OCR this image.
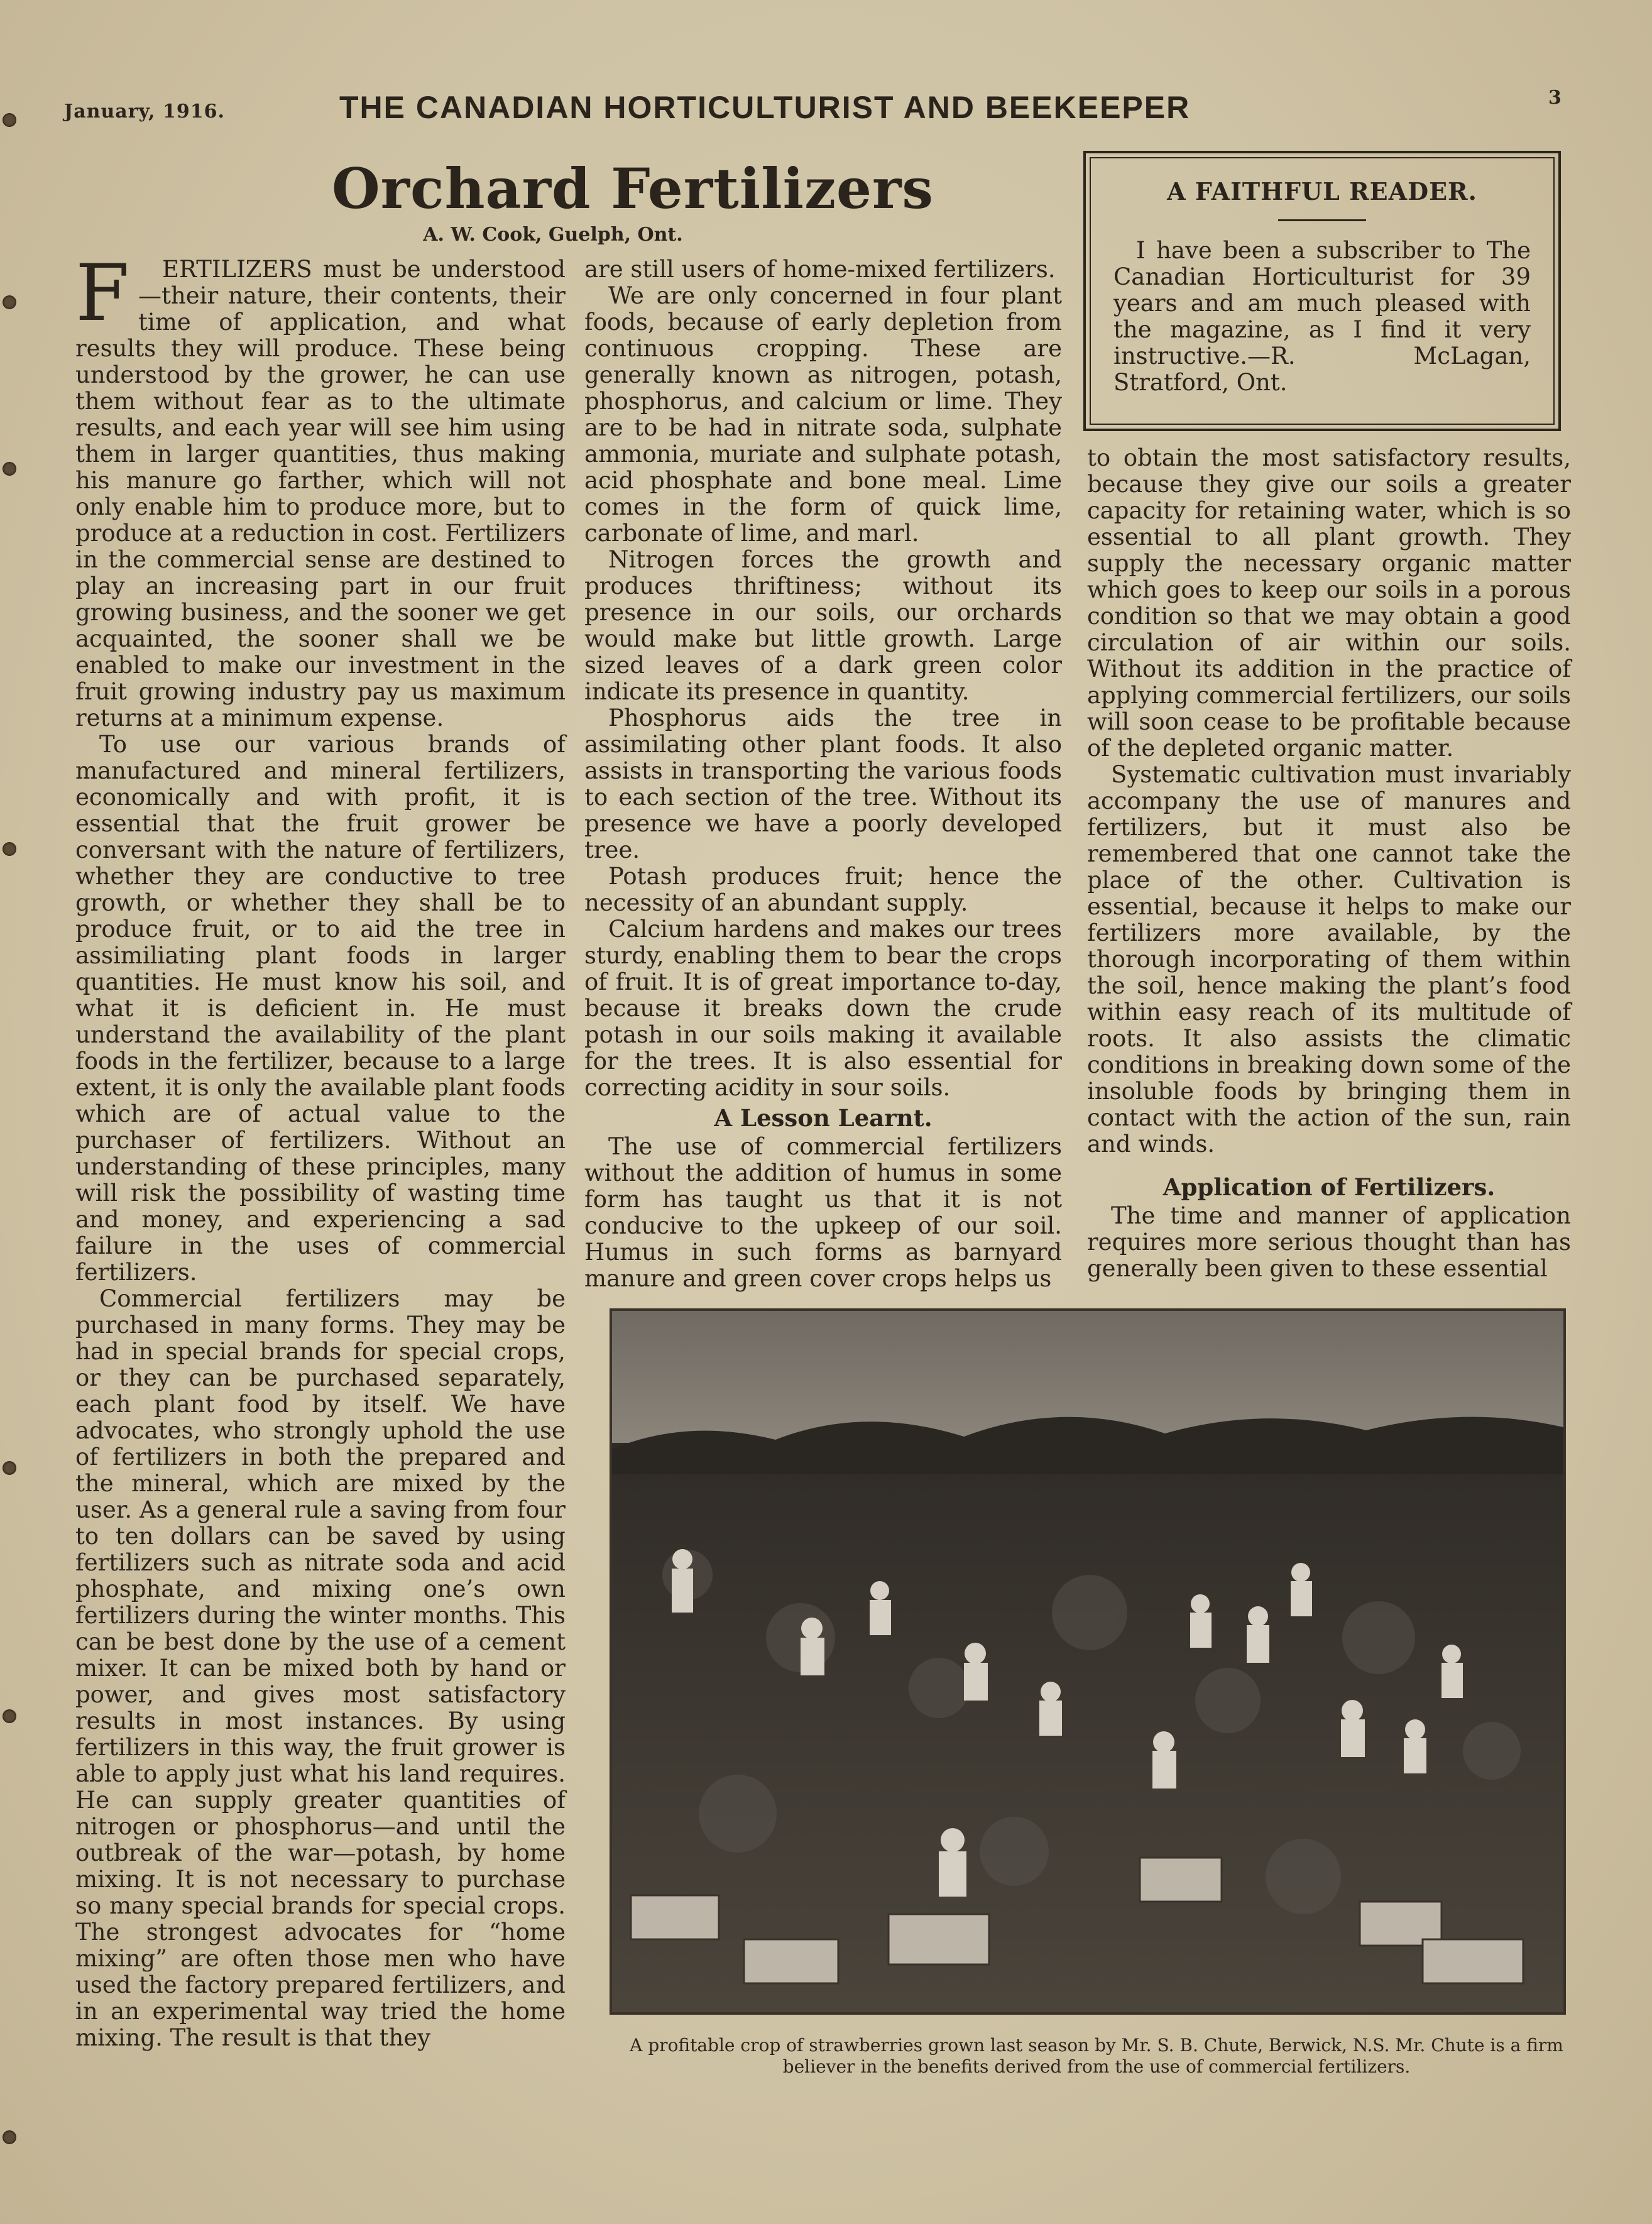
January, 1916.	THE CANADIAN HORTICULTURIST AND BEEKEEPER	3
Orchard Fertilizers
A. W. Cook, Guelph, Ont.

F ERTILIZERS must be understood —their nature, their contents, their time of application, and what results they will produce. These being understood by the grower, he can use them without fear as to the ultimate results, and each year will see him using them in larger quantities, thus making his manure go farther, which will not only enable him to produce more, but to produce at a reduction in cost. Fertilizers in the commercial sense are destined to play an increasing part in our fruit growing business, and the sooner we get acquainted, the sooner shall we be enabled to make our investment in the fruit growing industry pay us maximum returns at a minimum expense.

To use our various brands of manufactured and mineral fertilizers, economically and with profit, it is essential that the fruit grower be conversant with the nature of fertilizers, whether they are conductive to tree growth, or whether they shall be to produce fruit, or to aid the tree in assimiliating plant foods in larger quantities. He must know his soil, and what it is deficient in. He must understand the availability of the plant foods in the fertilizer, because to a large extent, it is only the available plant foods which are of actual value to the purchaser of fertilizers. Without an understanding of these principles, many will risk the possibility of wasting time and money, and experiencing a sad failure in the uses of commercial fertilizers.

Commercial fertilizers may be purchased in many forms. They may be had in special brands for special crops, or they can be purchased separately, each plant food by itself. We have advocates, who strongly uphold the use of fertilizers in both the prepared and the mineral, which are mixed by the user. As a general rule a saving from four to ten dollars can be saved by using fertilizers such as nitrate soda and acid phosphate, and mixing one’s own fertilizers during the winter months. This can be best done by the use of a cement mixer. It can be mixed both by hand or power, and gives most satisfactory results in most instances. By using fertilizers in this way, the fruit grower is able to apply just what his land requires. He can supply greater quantities of nitrogen or phosphorus—and until the outbreak of the war—potash, by home mixing. It is not necessary to purchase so many special brands for special crops. The strongest advocates for “home mixing” are often those men who have used the factory prepared fertilizers, and in an experimental way tried the home mixing. The result is that they

are still users of home-mixed fertilizers.

We are only concerned in four plant foods, because of early depletion from continuous cropping. These are generally known as nitrogen, potash, phosphorus, and calcium or lime. They are to be had in nitrate soda, sulphate ammonia, muriate and sulphate potash, acid phosphate and bone meal. Lime comes in the form of quick lime, carbonate of lime, and marl.

Nitrogen forces the growth and produces thriftiness; without its presence in our soils, our orchards would make but little growth. Large sized leaves of a dark green color indicate its presence in quantity.

Phosphorus aids the tree in assimilating other plant foods. It also assists in transporting the various foods to each section of the tree. Without its presence we have a poorly developed tree.

Potash produces fruit; hence the necessity of an abundant supply.

Calcium hardens and makes our trees sturdy, enabling them to bear the crops of fruit. It is of great importance to-day, because it breaks down the crude potash in our soils making it available for the trees. It is also essential for correcting acidity in sour soils.

A Lesson Learnt.

The use of commercial fertilizers without the addition of humus in some form has taught us that it is not conducive to the upkeep of our soil. Humus in such forms as barnyard manure and green cover crops helps us

A FAITHFUL READER.
I have been a subscriber to The Canadian Horticulturist for 39 years and am much pleased with the magazine, as I find it very instructive.—R. McLagan, Stratford, Ont.

to obtain the most satisfactory results, because they give our soils a greater capacity for retaining water, which is so essential to all plant growth. They supply the necessary organic matter which goes to keep our soils in a porous condition so that we may obtain a good circulation of air within our soils. Without its addition in the practice of applying commercial fertilizers, our soils will soon cease to be profitable because of the depleted organic matter.

Systematic cultivation must invariably accompany the use of manures and fertilizers, but it must also be remembered that one cannot take the place of the other. Cultivation is essential, because it helps to make our fertilizers more available, by the thorough incorporating of them within the soil, hence making the plant’s food within easy reach of its multitude of roots. It also assists the climatic conditions in breaking down some of the insoluble foods by bringing them in contact with the action of the sun, rain and winds.

Application of Fertilizers.

The time and manner of application requires more serious thought than has generally been given to these essential

A profitable crop of strawberries grown last season by Mr. S. B. Chute, Berwick, N.S. Mr. Chute is a firm believer in the benefits derived from the use of commercial fertilizers.
